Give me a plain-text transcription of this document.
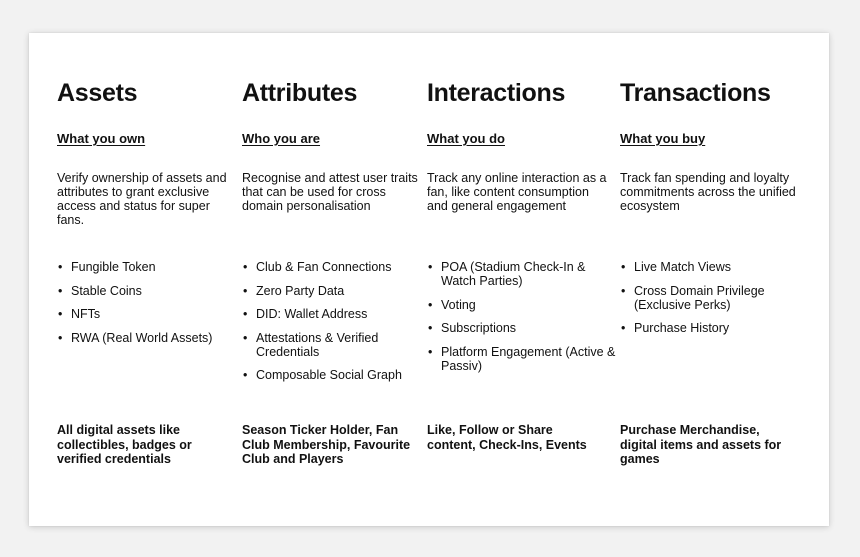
Assets
What you own

Verify ownership of assets and attributes to grant exclusive access and status for super fans.

• Fungible Token
• Stable Coins
• NFTs
• RWA (Real World Assets)

All digital assets like collectibles, badges or verified credentials

Attributes
Who you are

Recognise and attest user traits that can be used for cross domain personalisation

• Club & Fan Connections
• Zero Party Data
• DID: Wallet Address
• Attestations & Verified Credentials
• Composable Social Graph

Season Ticker Holder, Fan Club Membership, Favourite Club and Players

Interactions
What you do

Track any online interaction as a fan, like content consumption and general engagement

• POA (Stadium Check-In & Watch Parties)
• Voting
• Subscriptions
• Platform Engagement (Active & Passiv)

Like, Follow or Share content, Check-Ins, Events

Transactions
What you buy

Track fan spending and loyalty commitments across the unified ecosystem

• Live Match Views
• Cross Domain Privilege (Exclusive Perks)
• Purchase History

Purchase Merchandise, digital items and assets for games
